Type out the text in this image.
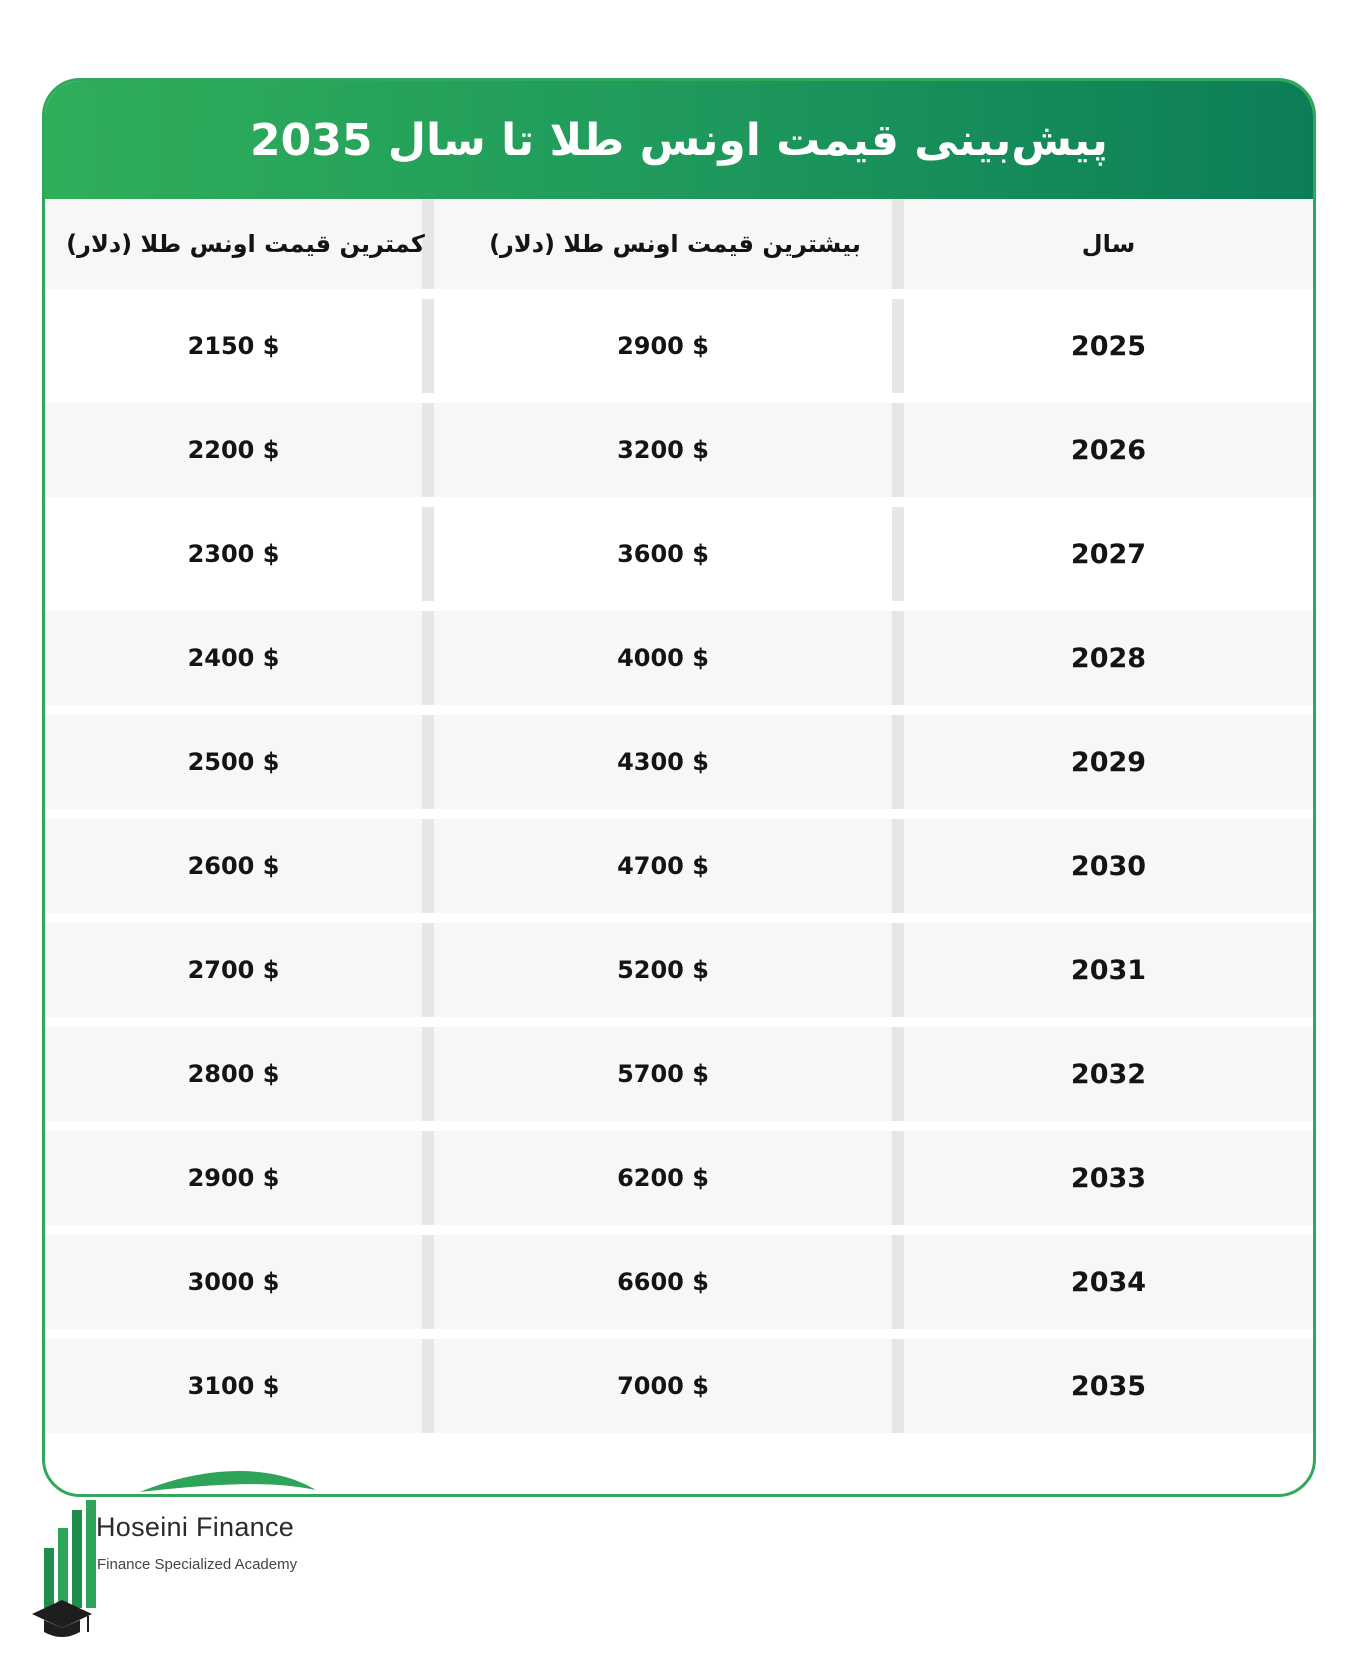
پیش‌بینی قیمت اونس طلا تا سال 2035
کمترین قیمت اونس طلا (دلار)	بیشترین قیمت اونس طلا (دلار)	سال
2150 $	2900 $	2025
2200 $	3200 $	2026
2300 $	3600 $	2027
2400 $	4000 $	2028
2500 $	4300 $	2029
2600 $	4700 $	2030
2700 $	5200 $	2031
2800 $	5700 $	2032
2900 $	6200 $	2033
3000 $	6600 $	2034
3100 $	7000 $	2035
Hoseini Finance
Finance Specialized Academy
